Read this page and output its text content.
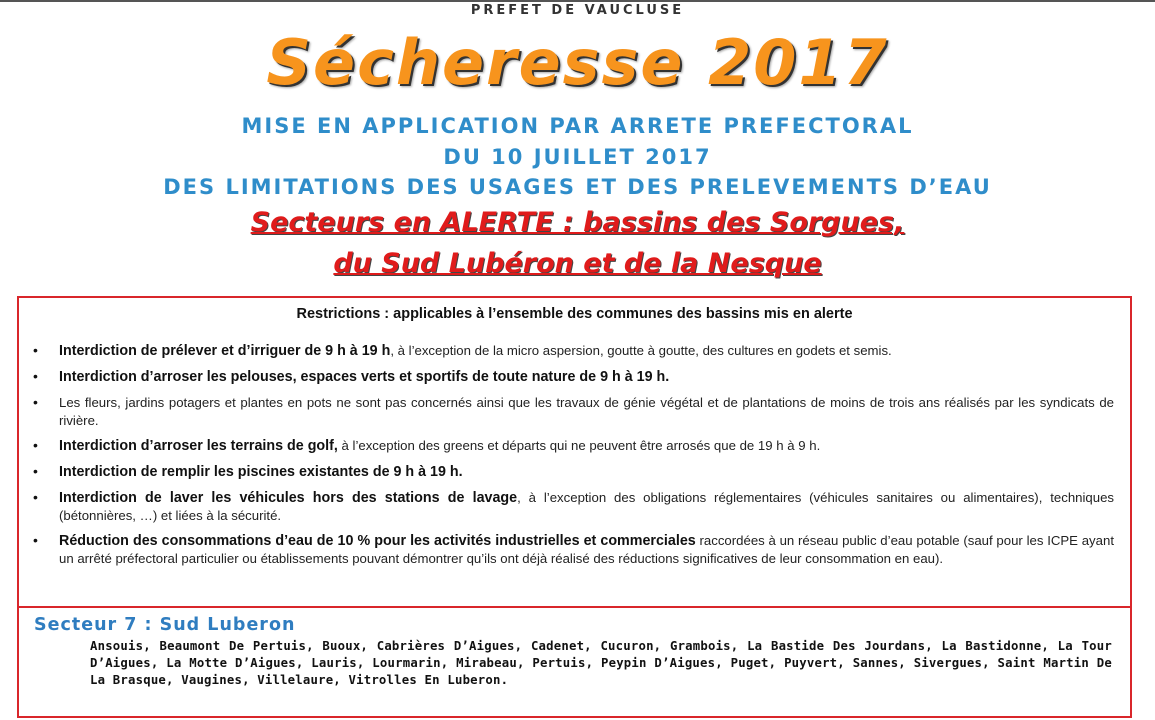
PREFET DE VAUCLUSE
Sécheresse 2017
MISE EN APPLICATION PAR ARRETE PREFECTORAL
DU 10 JUILLET 2017
DES LIMITATIONS DES USAGES ET DES PRELEVEMENTS D’EAU
Secteurs en ALERTE : bassins des Sorgues,
du Sud Lubéron et de la Nesque
Restrictions : applicables à l’ensemble des communes des bassins mis en alerte
• Interdiction de prélever et d’irriguer de 9 h à 19 h, à l’exception de la micro aspersion, goutte à goutte, des cultures en godets et semis.
• Interdiction d’arroser les pelouses, espaces verts et sportifs de toute nature de 9 h à 19 h.
• Les fleurs, jardins potagers et plantes en pots ne sont pas concernés ainsi que les travaux de génie végétal et de plantations de moins de trois ans réalisés par les syndicats de rivière.
• Interdiction d’arroser les terrains de golf, à l’exception des greens et départs qui ne peuvent être arrosés que de 19 h à 9 h.
• Interdiction de remplir les piscines existantes de 9 h à 19 h.
• Interdiction de laver les véhicules hors des stations de lavage, à l’exception des obligations réglementaires (véhicules sanitaires ou alimentaires), techniques (bétonnières, …) et liées à la sécurité.
• Réduction des consommations d’eau de 10 % pour les activités industrielles et commerciales raccordées à un réseau public d’eau potable (sauf pour les ICPE ayant un arrêté préfectoral particulier ou établissements pouvant démontrer qu’ils ont déjà réalisé des réductions significatives de leur consommation en eau).
Secteur 7 : Sud Luberon
Ansouis, Beaumont De Pertuis, Buoux, Cabrières D’Aigues, Cadenet, Cucuron, Grambois, La Bastide Des Jourdans, La Bastidonne, La Tour D’Aigues, La Motte D’Aigues, Lauris, Lourmarin, Mirabeau, Pertuis, Peypin D’Aigues, Puget, Puyvert, Sannes, Sivergues, Saint Martin De La Brasque, Vaugines, Villelaure, Vitrolles En Luberon.
